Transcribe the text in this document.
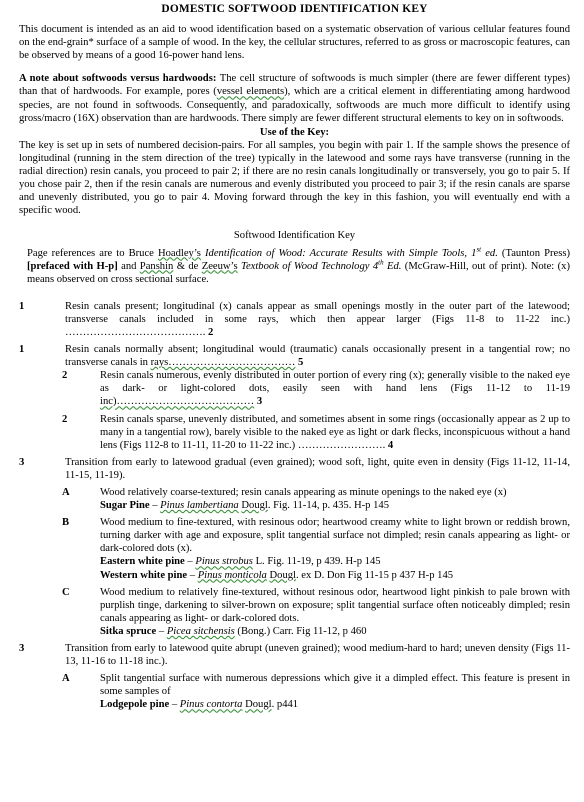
DOMESTIC SOFTWOOD IDENTIFICATION KEY

This document is intended as an aid to wood identification based on a systematic observation of various cellular features found on the end-grain* surface of a sample of wood. In the key, the cellular structures, referred to as gross or macroscopic features, can be observed by means of a good 16-power hand lens.

A note about softwoods versus hardwoods: The cell structure of softwoods is much simpler (there are fewer different types) than that of hardwoods. For example, pores (vessel elements), which are a critical element in differentiating among hardwood species, are not found in softwoods. Consequently, and paradoxically, softwoods are much more difficult to identify using gross/macro (16X) observation than are hardwoods. There simply are fewer different structural elements to key on in softwoods.

Use of the Key:

The key is set up in sets of numbered decision-pairs. For all samples, you begin with pair 1. If the sample shows the presence of longitudinal (running in the stem direction of the tree) typically in the latewood and some rays have transverse (running in the radial direction) resin canals, you proceed to pair 2; if there are no resin canals longitudinally or transversely, you go to pair 5. If you chose pair 2, then if the resin canals are numerous and evenly distributed you proceed to pair 3; if the resin canals are sparse and unevenly distributed, you go to pair 4. Moving forward through the key in this fashion, you will eventually end with a specific wood.

Softwood Identification Key

Page references are to Bruce Hoadley’s Identification of Wood: Accurate Results with Simple Tools, 1st ed. (Taunton Press) [prefaced with H-p] and Panshin & de Zeeuw’s Textbook of Wood Technology 4th Ed. (McGraw-Hill, out of print). Note: (x) means observed on cross sectional surface.

1	Resin canals present; longitudinal (x) canals appear as small openings mostly in the outer part of the latewood; transverse canals included in some rays, which then appear larger (Figs 11-8 to 11-22 inc.) …………………………………. 2
1	Resin canals normally absent; longitudinal would (traumatic) canals occasionally present in a tangential row; no transverse canals in rays……………………………… 5
2	Resin canals numerous, evenly distributed in outer portion of every ring (x); generally visible to the naked eye as dark- or light-colored dots, easily seen with hand lens (Figs 11-12 to 11-19 inc)………………………………… 3
2	Resin canals sparse, unevenly distributed, and sometimes absent in some rings (occasionally appear as 2 up to many in a tangential row), barely visible to the naked eye as light or dark flecks, inconspicuous without a hand lens (Figs 112-8 to 11-11, 11-20 to 11-22 inc.) ……………………. 4
3	Transition from early to latewood gradual (even grained); wood soft, light, quite even in density (Figs 11-12, 11-14, 11-15, 11-19).
A	Wood relatively coarse-textured; resin canals appearing as minute openings to the naked eye (x)
Sugar Pine – Pinus lambertiana Dougl. Fig. 11-14, p. 435. H-p 145
B	Wood medium to fine-textured, with resinous odor; heartwood creamy white to light brown or reddish brown, turning darker with age and exposure, split tangential surface not dimpled; resin canals appearing as light- or dark-colored dots (x).
Eastern white pine – Pinus strobus L. Fig. 11-19, p 439. H-p 145
Western white pine – Pinus monticola Dougl. ex D. Don Fig 11-15 p 437 H-p 145
C	Wood medium to relatively fine-textured, without resinous odor, heartwood light pinkish to pale brown with purplish tinge, darkening to silver-brown on exposure; split tangential surface often noticeably dimpled; resin canals appearing as light- or dark-colored dots.
Sitka spruce – Picea sitchensis (Bong.) Carr. Fig 11-12, p 460
3	Transition from early to latewood quite abrupt (uneven grained); wood medium-hard to hard; uneven density (Figs 11-13, 11-16 to 11-18 inc.).
A	Split tangential surface with numerous depressions which give it a dimpled effect. This feature is present in some samples of
Lodgepole pine – Pinus contorta Dougl. p441
